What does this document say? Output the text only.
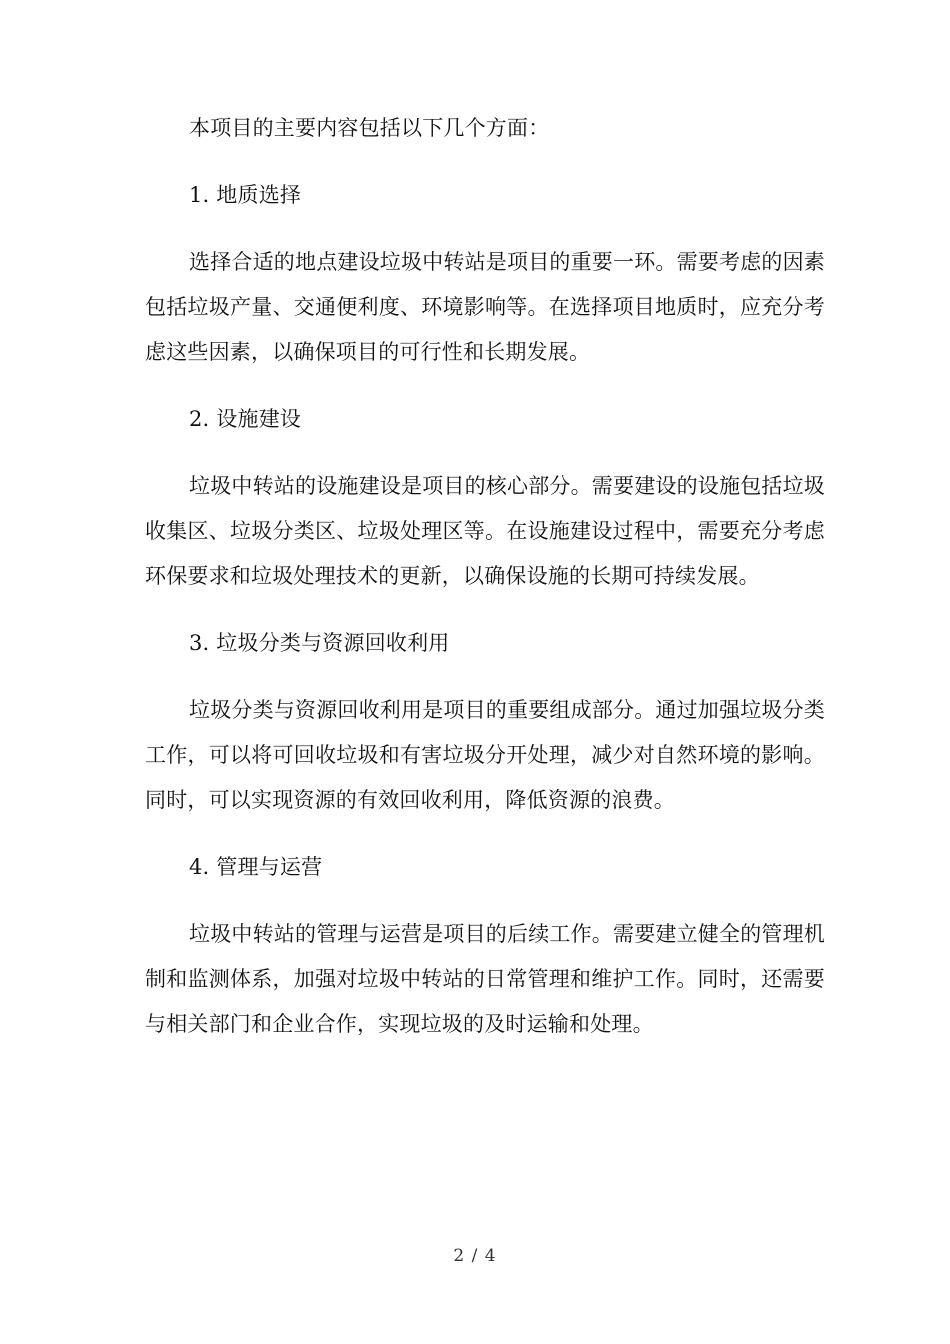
本项目的主要内容包括以下几个方面：

1. 地质选择

选择合适的地点建设垃圾中转站是项目的重要一环。需要考虑的因素包括垃圾产量、交通便利度、环境影响等。在选择项目地质时，应充分考虑这些因素，以确保项目的可行性和长期发展。

2. 设施建设

垃圾中转站的设施建设是项目的核心部分。需要建设的设施包括垃圾收集区、垃圾分类区、垃圾处理区等。在设施建设过程中，需要充分考虑环保要求和垃圾处理技术的更新，以确保设施的长期可持续发展。

3. 垃圾分类与资源回收利用

垃圾分类与资源回收利用是项目的重要组成部分。通过加强垃圾分类工作，可以将可回收垃圾和有害垃圾分开处理，减少对自然环境的影响。同时，可以实现资源的有效回收利用，降低资源的浪费。

4. 管理与运营

垃圾中转站的管理与运营是项目的后续工作。需要建立健全的管理机制和监测体系，加强对垃圾中转站的日常管理和维护工作。同时，还需要与相关部门和企业合作，实现垃圾的及时运输和处理。

2 / 4
